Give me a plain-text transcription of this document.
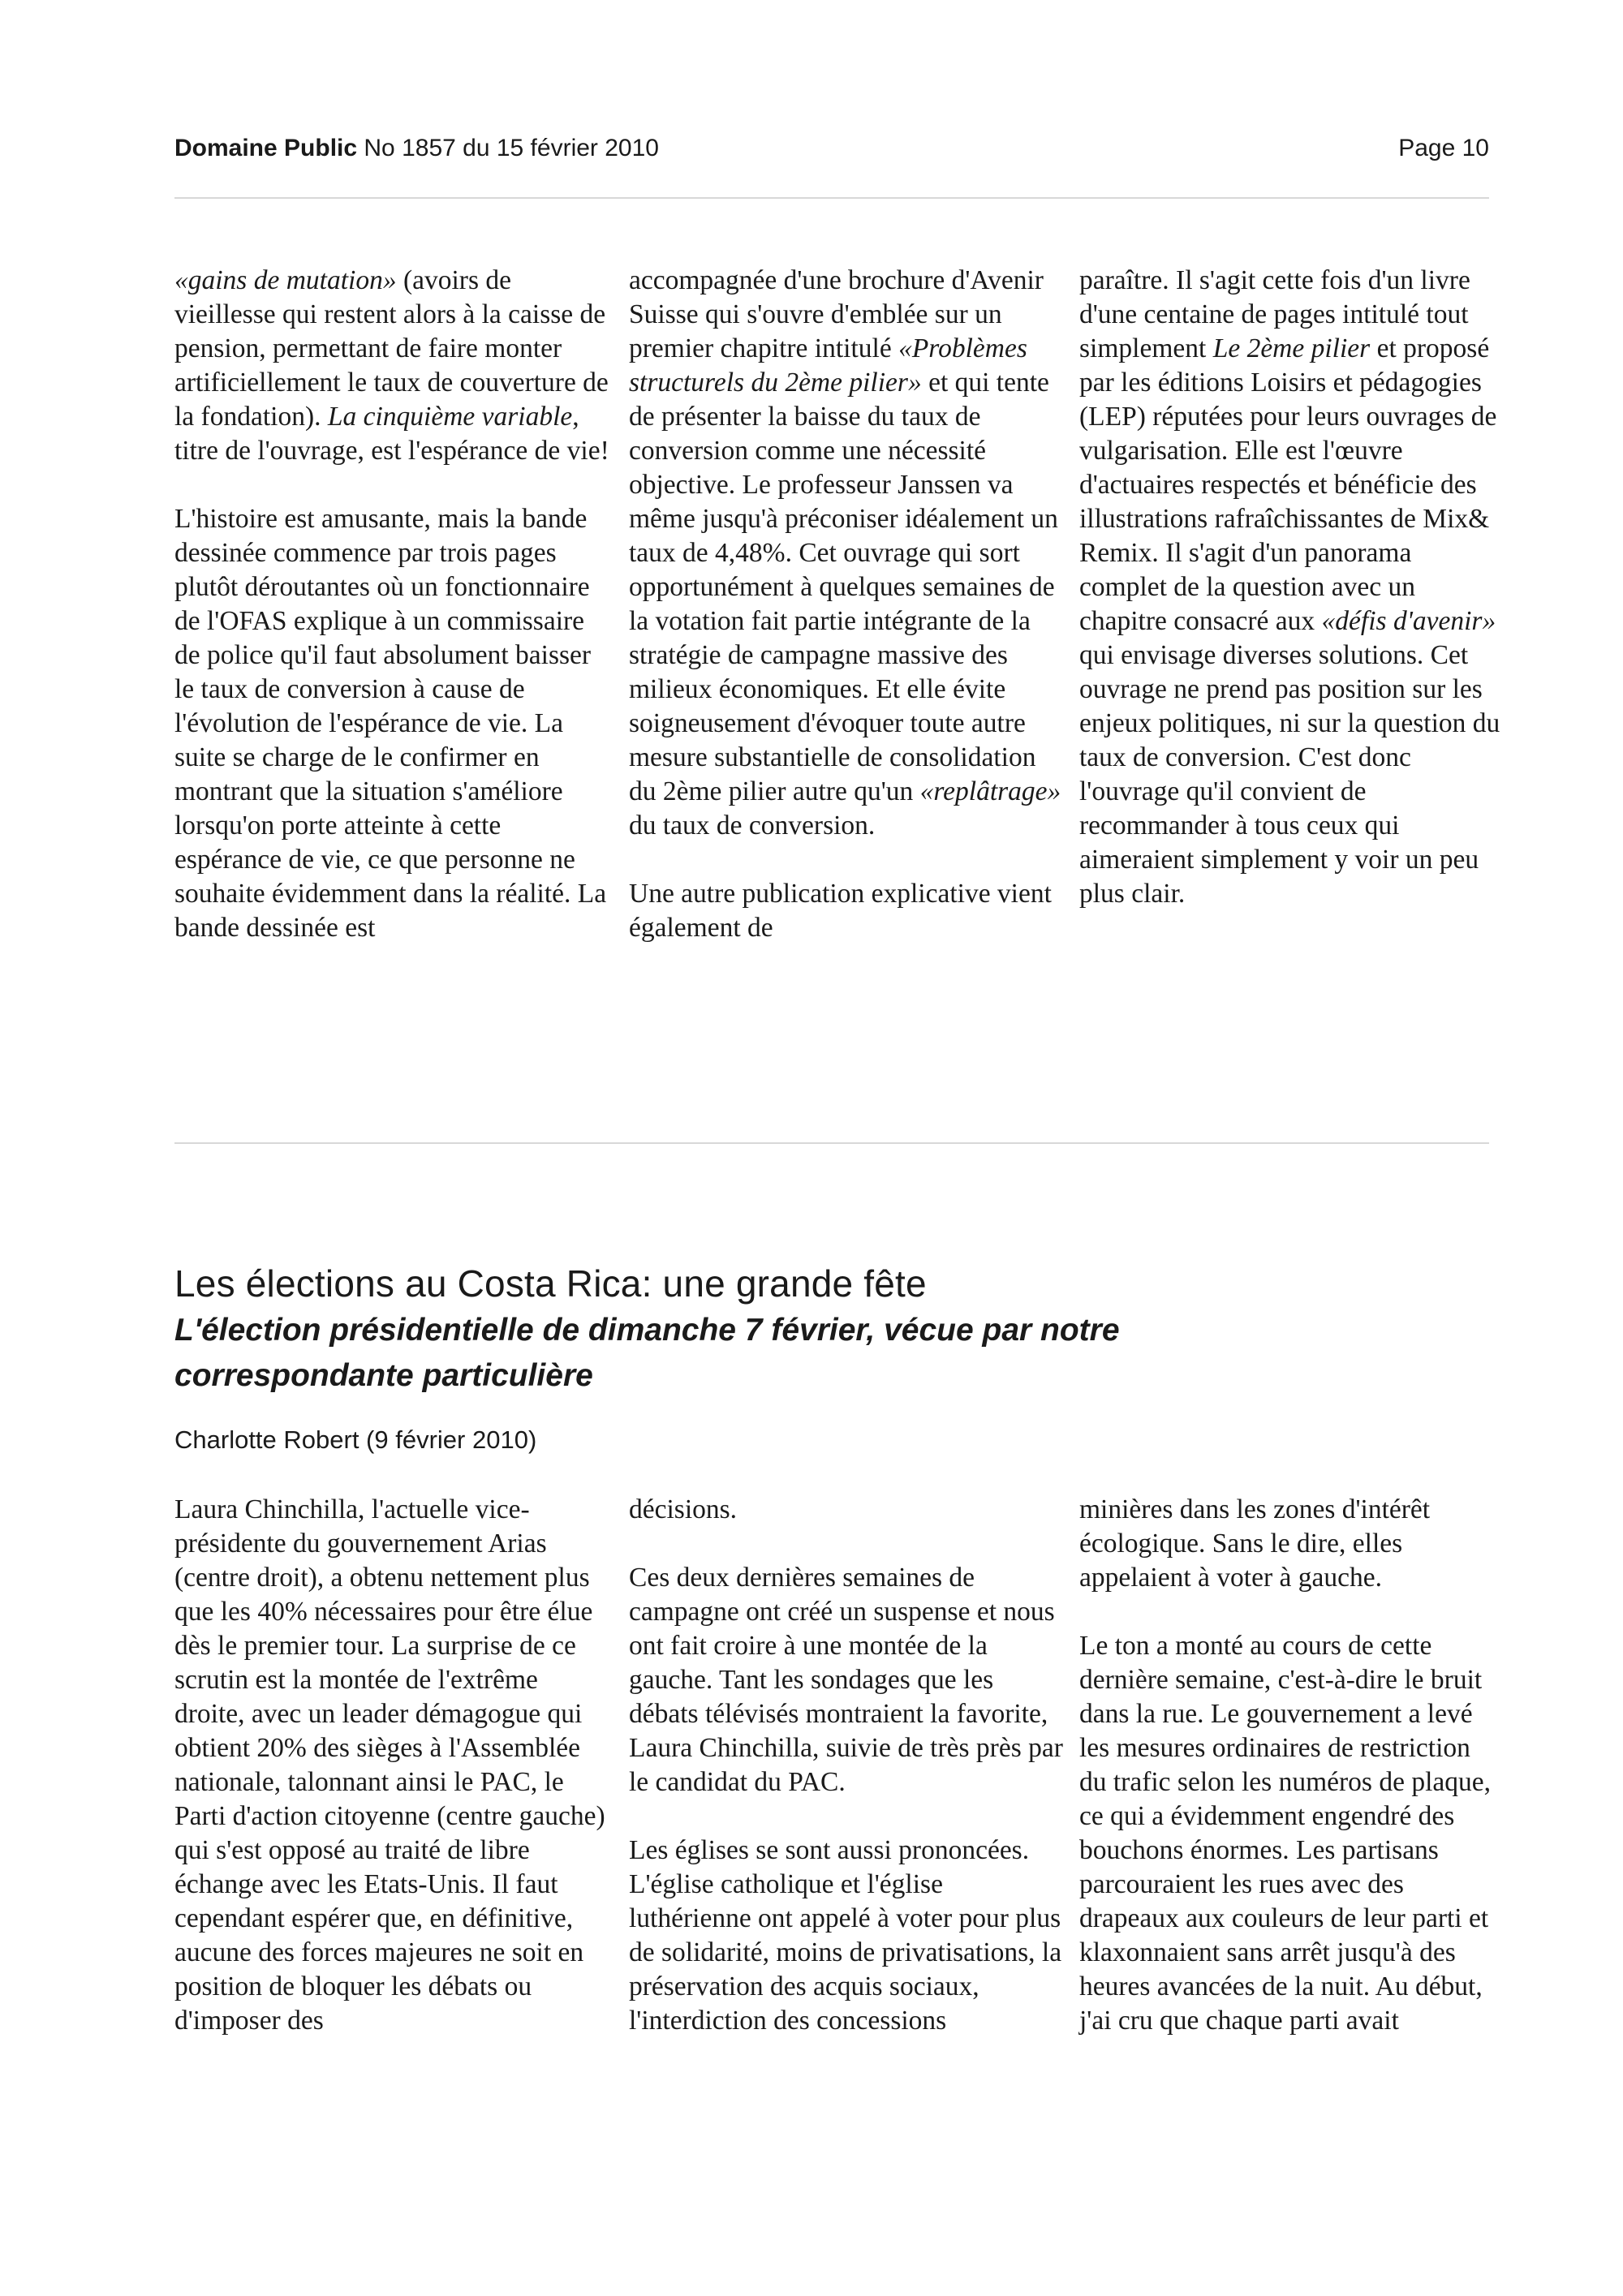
Domaine Public No 1857 du 15 février 2010	Page 10

«gains de mutation» (avoirs de vieillesse qui restent alors à la caisse de pension, permettant de faire monter artificiellement le taux de couverture de la fondation). La cinquième variable, titre de l'ouvrage, est l'espérance de vie!

L'histoire est amusante, mais la bande dessinée commence par trois pages plutôt déroutantes où un fonctionnaire de l'OFAS explique à un commissaire de police qu'il faut absolument baisser le taux de conversion à cause de l'évolution de l'espérance de vie. La suite se charge de le confirmer en montrant que la situation s'améliore lorsqu'on porte atteinte à cette espérance de vie, ce que personne ne souhaite évidemment dans la réalité. La bande dessinée est

accompagnée d'une brochure d'Avenir Suisse qui s'ouvre d'emblée sur un premier chapitre intitulé «Problèmes structurels du 2ème pilier» et qui tente de présenter la baisse du taux de conversion comme une nécessité objective. Le professeur Janssen va même jusqu'à préconiser idéalement un taux de 4,48%. Cet ouvrage qui sort opportunément à quelques semaines de la votation fait partie intégrante de la stratégie de campagne massive des milieux économiques. Et elle évite soigneusement d'évoquer toute autre mesure substantielle de consolidation du 2ème pilier autre qu'un «replâtrage» du taux de conversion.

Une autre publication explicative vient également de

paraître. Il s'agit cette fois d'un livre d'une centaine de pages intitulé tout simplement Le 2ème pilier et proposé par les éditions Loisirs et pédagogies (LEP) réputées pour leurs ouvrages de vulgarisation. Elle est l'œuvre d'actuaires respectés et bénéficie des illustrations rafraîchissantes de Mix& Remix. Il s'agit d'un panorama complet de la question avec un chapitre consacré aux «défis d'avenir» qui envisage diverses solutions. Cet ouvrage ne prend pas position sur les enjeux politiques, ni sur la question du taux de conversion. C'est donc l'ouvrage qu'il convient de recommander à tous ceux qui aimeraient simplement y voir un peu plus clair.

Les élections au Costa Rica: une grande fête
L'élection présidentielle de dimanche 7 février, vécue par notre correspondante particulière
Charlotte Robert (9 février 2010)

Laura Chinchilla, l'actuelle vice-présidente du gouvernement Arias (centre droit), a obtenu nettement plus que les 40% nécessaires pour être élue dès le premier tour. La surprise de ce scrutin est la montée de l'extrême droite, avec un leader démagogue qui obtient 20% des sièges à l'Assemblée nationale, talonnant ainsi le PAC, le Parti d'action citoyenne (centre gauche) qui s'est opposé au traité de libre échange avec les Etats-Unis. Il faut cependant espérer que, en définitive, aucune des forces majeures ne soit en position de bloquer les débats ou d'imposer des

décisions.

Ces deux dernières semaines de campagne ont créé un suspense et nous ont fait croire à une montée de la gauche. Tant les sondages que les débats télévisés montraient la favorite, Laura Chinchilla, suivie de très près par le candidat du PAC.

Les églises se sont aussi prononcées. L'église catholique et l'église luthérienne ont appelé à voter pour plus de solidarité, moins de privatisations, la préservation des acquis sociaux, l'interdiction des concessions

minières dans les zones d'intérêt écologique. Sans le dire, elles appelaient à voter à gauche.

Le ton a monté au cours de cette dernière semaine, c'est-à-dire le bruit dans la rue. Le gouvernement a levé les mesures ordinaires de restriction du trafic selon les numéros de plaque, ce qui a évidemment engendré des bouchons énormes. Les partisans parcouraient les rues avec des drapeaux aux couleurs de leur parti et klaxonnaient sans arrêt jusqu'à des heures avancées de la nuit. Au début, j'ai cru que chaque parti avait
